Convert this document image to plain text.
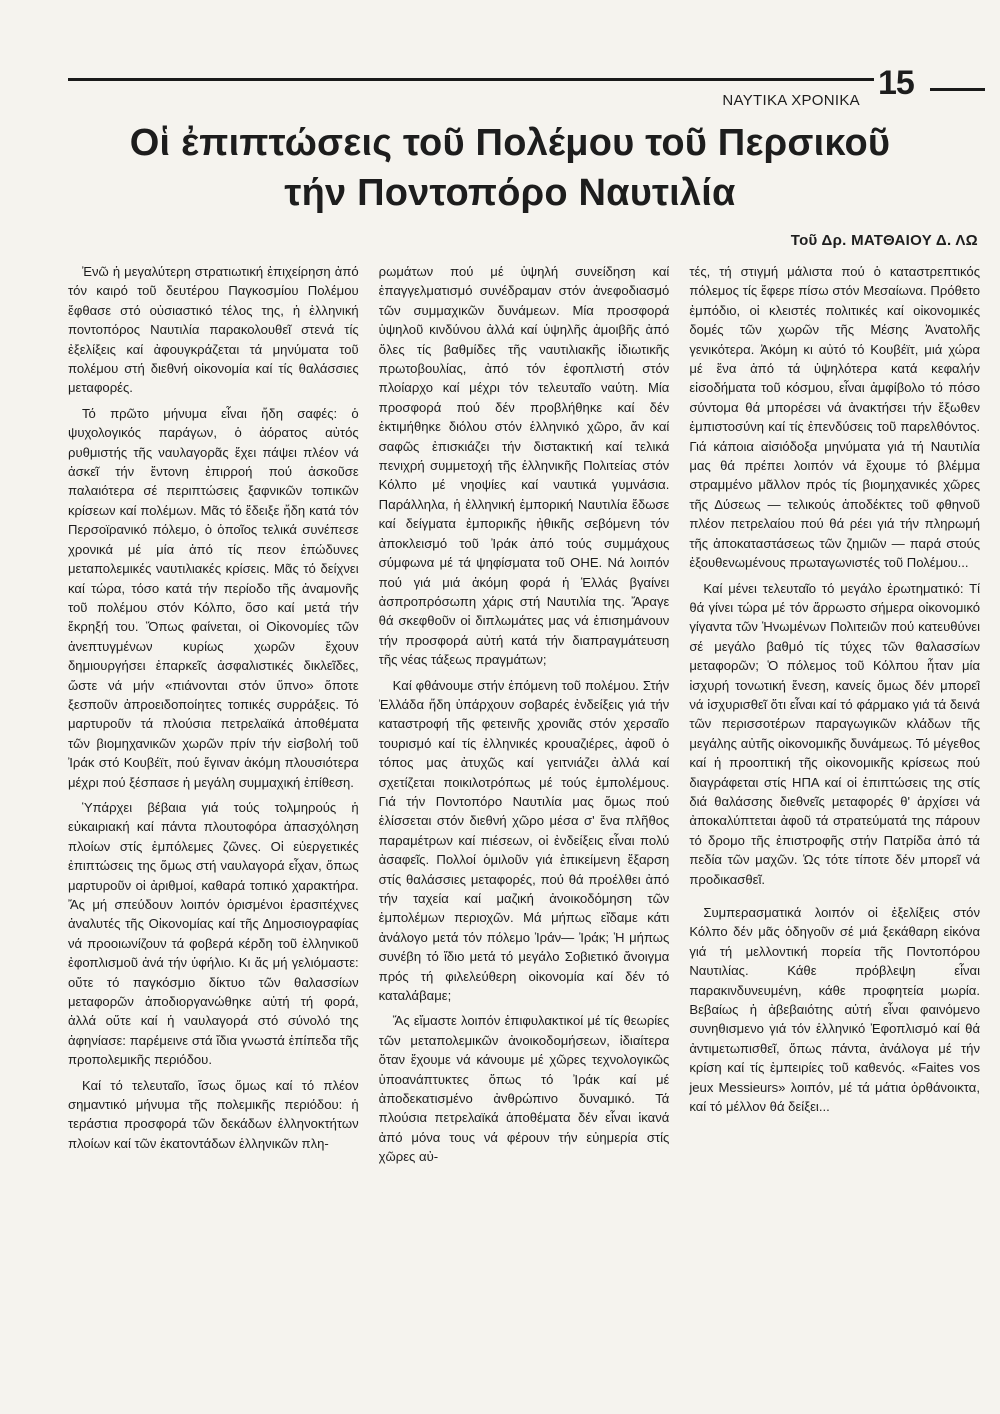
15
ΝΑΥΤΙΚΑ ΧΡΟΝΙΚΑ
Οἱ ἐπιπτώσεις τοῦ Πολέμου τοῦ Περσικοῦ
τήν Ποντοπόρο Ναυτιλία
Τοῦ Δρ. ΜΑΤΘΑΙΟΥ Δ. ΛΩ

Ἐνῶ ἡ μεγαλύτερη στρατιωτική ἐπιχείρηση ἀπό τόν καιρό τοῦ δευτέρου Παγκοσμίου Πολέμου ἔφθασε στό οὐσιαστικό τέλος της, ἡ ἑλληνική ποντοπόρος Ναυτιλία παρακολουθεῖ στενά τίς ἐξελίξεις καί ἀφουγκράζεται τά μηνύματα τοῦ πολέμου στή διεθνή οἰκονομία καί τίς θαλάσσιες μεταφορές.

Τό πρῶτο μήνυμα εἶναι ἤδη σαφές: ὁ ψυχολογικός παράγων, ὁ ἀόρατος αὐτός ρυθμιστής τῆς ναυλαγορᾶς ἔχει πάψει πλέον νά ἀσκεῖ τήν ἔντονη ἐπιρροή πού ἀσκοῦσε παλαιότερα σέ περιπτώσεις ξαφνικῶν τοπικῶν κρίσεων καί πολέμων. Μᾶς τό ἔδειξε ἤδη κατά τόν Περσοϊρανικό πόλεμο, ὁ ὁποῖος τελικά συνέπεσε χρονικά μέ μία ἀπό τίς πεον ἐπώδυνες μεταπολεμικές ναυτιλιακές κρίσεις. Μᾶς τό δείχνει καί τώρα, τόσο κατά τήν περίοδο τῆς ἀναμονῆς τοῦ πολέμου στόν Κόλπο, ὅσο καί μετά τήν ἔκρηξή του. Ὅπως φαίνεται, οἱ Οἰκονομίες τῶν ἀνεπτυγμένων κυρίως χωρῶν ἔχουν δημιουργήσει ἐπαρκεῖς ἀσφαλιστικές δικλεῖδες, ὥστε νά μήν «πιάνονται στόν ὕπνο» ὅποτε ξεσποῦν ἀπροειδοποίητες τοπικές συρράξεις. Τό μαρτυροῦν τά πλούσια πετρελαϊκά ἀποθέματα τῶν βιομηχανικῶν χωρῶν πρίν τήν εἰσβολή τοῦ Ἰράκ στό Κουβέϊτ, πού ἔγιναν ἀκόμη πλουσιότερα μέχρι πού ξέσπασε ἡ μεγάλη συμμαχική ἐπίθεση.

Ὑπάρχει βέβαια γιά τούς τολμηρούς ἡ εὐκαιριακή καί πάντα πλουτοφόρα ἀπασχόληση πλοίων στίς ἐμπόλεμες ζῶνες. Οἱ εὐεργετικές ἐπιπτώσεις της ὅμως στή ναυλαγορά εἶχαν, ὅπως μαρτυροῦν οἱ ἀριθμοί, καθαρά τοπικό χαρακτήρα. Ἄς μή σπεύδουν λοιπόν ὁρισμένοι ἐρασιτέχνες ἀναλυτές τῆς Οἰκονομίας καί τῆς Δημοσιογραφίας νά προοιωνίζουν τά φοβερά κέρδη τοῦ ἑλληνικοῦ ἐφοπλισμοῦ ἀνά τήν ὑφήλιο. Κι ἄς μή γελιόμαστε: οὔτε τό παγκόσμιο δίκτυο τῶν θαλασσίων μεταφορῶν ἀποδιοργανώθηκε αὐτή τή φορά, ἀλλά οὔτε καί ἡ ναυλαγορά στό σύνολό της ἀφηνίασε: παρέμεινε στά ἴδια γνωστά ἐπίπεδα τῆς προπολεμικῆς περιόδου.

Καί τό τελευταῖο, ἴσως ὅμως καί τό πλέον σημαντικό μήνυμα τῆς πολεμικῆς περιόδου: ἡ τεράστια προσφορά τῶν δεκάδων ἑλληνοκτήτων πλοίων καί τῶν ἑκατοντάδων ἑλληνικῶν πλη-

ρωμάτων πού μέ ὑψηλή συνείδηση καί ἐπαγγελματισμό συνέδραμαν στόν ἀνεφοδιασμό τῶν συμμαχικῶν δυνάμεων. Μία προσφορά ὑψηλοῦ κινδύνου ἀλλά καί ὑψηλῆς ἀμοιβῆς ἀπό ὅλες τίς βαθμίδες τῆς ναυτιλιακῆς ἰδιωτικῆς πρωτοβουλίας, ἀπό τόν ἐφοπλιστή στόν πλοίαρχο καί μέχρι τόν τελευταῖο ναύτη. Μία προσφορά πού δέν προβλήθηκε καί δέν ἐκτιμήθηκε διόλου στόν ἑλληνικό χῶρο, ἄν καί σαφῶς ἐπισκιάζει τήν διστακτική καί τελικά πενιχρή συμμετοχή τῆς ἑλληνικῆς Πολιτείας στόν Κόλπο μέ νηοψίες καί ναυτικά γυμνάσια. Παράλληλα, ἡ ἑλληνική ἐμπορική Ναυτιλία ἔδωσε καί δείγματα ἐμπορικῆς ἠθικῆς σεβόμενη τόν ἀποκλεισμό τοῦ Ἰράκ ἀπό τούς συμμάχους σύμφωνα μέ τά ψηφίσματα τοῦ ΟΗΕ. Νά λοιπόν πού γιά μιά ἀκόμη φορά ἡ Ἑλλάς βγαίνει ἀσπροπρόσωπη χάρις στή Ναυτιλία της. Ἄραγε θά σκεφθοῦν οἱ διπλωμάτες μας νά ἐπισημάνουν τήν προσφορά αὐτή κατά τήν διαπραγμάτευση τῆς νέας τάξεως πραγμάτων;

Καί φθάνουμε στήν ἑπόμενη τοῦ πολέμου. Στήν Ἑλλάδα ἤδη ὑπάρχουν σοβαρές ἐνδείξεις γιά τήν καταστροφή τῆς φετεινῆς χρονιᾶς στόν χερσαῖο τουρισμό καί τίς ἑλληνικές κρουαζιέρες, ἀφοῦ ὁ τόπος μας ἀτυχῶς καί γειτνιάζει ἀλλά καί σχετίζεται ποικιλοτρόπως μέ τούς ἐμπολέμους. Γιά τήν Ποντοπόρο Ναυτιλία μας ὅμως πού ἑλίσσεται στόν διεθνή χῶρο μέσα σ' ἕνα πλῆθος παραμέτρων καί πιέσεων, οἱ ἐνδείξεις εἶναι πολύ ἀσαφεῖς. Πολλοί ὁμιλοῦν γιά ἐπικείμενη ἔξαρση στίς θαλάσσιες μεταφορές, πού θά προέλθει ἀπό τήν ταχεία καί μαζική ἀνοικοδόμηση τῶν ἐμπολέμων περιοχῶν. Μά μήπως εἴδαμε κάτι ἀνάλογο μετά τόν πόλεμο Ἰράν— Ἰράκ; Ἡ μήπως συνέβη τό ἴδιο μετά τό μεγάλο Σοβιετικό ἄνοιγμα πρός τή φιλελεύθερη οἰκονομία καί δέν τό καταλάβαμε;

Ἄς εἴμαστε λοιπόν ἐπιφυλακτικοί μέ τίς θεωρίες τῶν μεταπολεμικῶν ἀνοικοδομήσεων, ἰδιαίτερα ὅταν ἔχουμε νά κάνουμε μέ χῶρες τεχνολογικῶς ὑποανάπτυκτες ὅπως τό Ἰράκ καί μέ ἀποδεκατισμένο ἀνθρώπινο δυναμικό. Τά πλούσια πετρελαϊκά ἀποθέματα δέν εἶναι ἱκανά ἀπό μόνα τους νά φέρουν τήν εὐημερία στίς χῶρες αὐ-

τές, τή στιγμή μάλιστα πού ὁ καταστρεπτικός πόλεμος τίς ἔφερε πίσω στόν Μεσαίωνα. Πρόθετο ἐμπόδιο, οἱ κλειστές πολιτικές καί οἰκονομικές δομές τῶν χωρῶν τῆς Μέσης Ἀνατολῆς γενικότερα. Ἀκόμη κι αὐτό τό Κουβέϊτ, μιά χώρα μέ ἕνα ἀπό τά ὑψηλότερα κατά κεφαλήν εἰσοδήματα τοῦ κόσμου, εἶναι ἀμφίβολο τό πόσο σύντομα θά μπορέσει νά ἀνακτήσει τήν ἔξωθεν ἐμπιστοσύνη καί τίς ἐπενδύσεις τοῦ παρελθόντος. Γιά κάποια αἰσιόδοξα μηνύματα γιά τή Ναυτιλία μας θά πρέπει λοιπόν νά ἔχουμε τό βλέμμα στραμμένο μᾶλλον πρός τίς βιομηχανικές χῶρες τῆς Δύσεως — τελικούς ἀποδέκτες τοῦ φθηνοῦ πλέον πετρελαίου πού θά ρέει γιά τήν πληρωμή τῆς ἀποκαταστάσεως τῶν ζημιῶν — παρά στούς ἐξουθενωμένους πρωταγωνιστές τοῦ Πολέμου...

Καί μένει τελευταῖο τό μεγάλο ἐρωτηματικό: Τί θά γίνει τώρα μέ τόν ἄρρωστο σήμερα οἰκονομικό γίγαντα τῶν Ἡνωμένων Πολιτειῶν πού κατευθύνει σέ μεγάλο βαθμό τίς τύχες τῶν θαλασσίων μεταφορῶν; Ὁ πόλεμος τοῦ Κόλπου ἦταν μία ἰσχυρή τονωτική ἔνεση, κανείς ὅμως δέν μπορεῖ νά ἰσχυρισθεῖ ὅτι εἶναι καί τό φάρμακο γιά τά δεινά τῶν περισσοτέρων παραγωγικῶν κλάδων τῆς μεγάλης αὐτῆς οἰκονομικῆς δυνάμεως. Τό μέγεθος καί ἡ προοπτική τῆς οἰκονομικῆς κρίσεως πού διαγράφεται στίς ΗΠΑ καί οἱ ἐπιπτώσεις της στίς διά θαλάσσης διεθνεῖς μεταφορές θ' ἀρχίσει νά ἀποκαλύπτεται ἀφοῦ τά στρατεύματά της πάρουν τό δρομο τῆς ἐπιστροφῆς στήν Πατρίδα ἀπό τά πεδία τῶν μαχῶν. Ὡς τότε τίποτε δέν μπορεῖ νά προδικασθεῖ.

Συμπερασματικά λοιπόν οἱ ἐξελίξεις στόν Κόλπο δέν μᾶς ὁδηγοῦν σέ μιά ξεκάθαρη εἰκόνα γιά τή μελλοντική πορεία τῆς Ποντοπόρου Ναυτιλίας. Κάθε πρόβλεψη εἶναι παρακινδυνευμένη, κάθε προφητεία μωρία. Βεβαίως ἡ ἀβεβαιότης αὐτή εἶναι φαινόμενο συνηθισμενο γιά τόν ἑλληνικό Ἐφοπλισμό καί θά ἀντιμετωπισθεῖ, ὅπως πάντα, ἀνάλογα μέ τήν κρίση καί τίς ἐμπειρίες τοῦ καθενός. «Faites vos jeux Messieurs» λοιπόν, μέ τά μάτια ὀρθάνοικτα, καί τό μέλλον θά δείξει...
